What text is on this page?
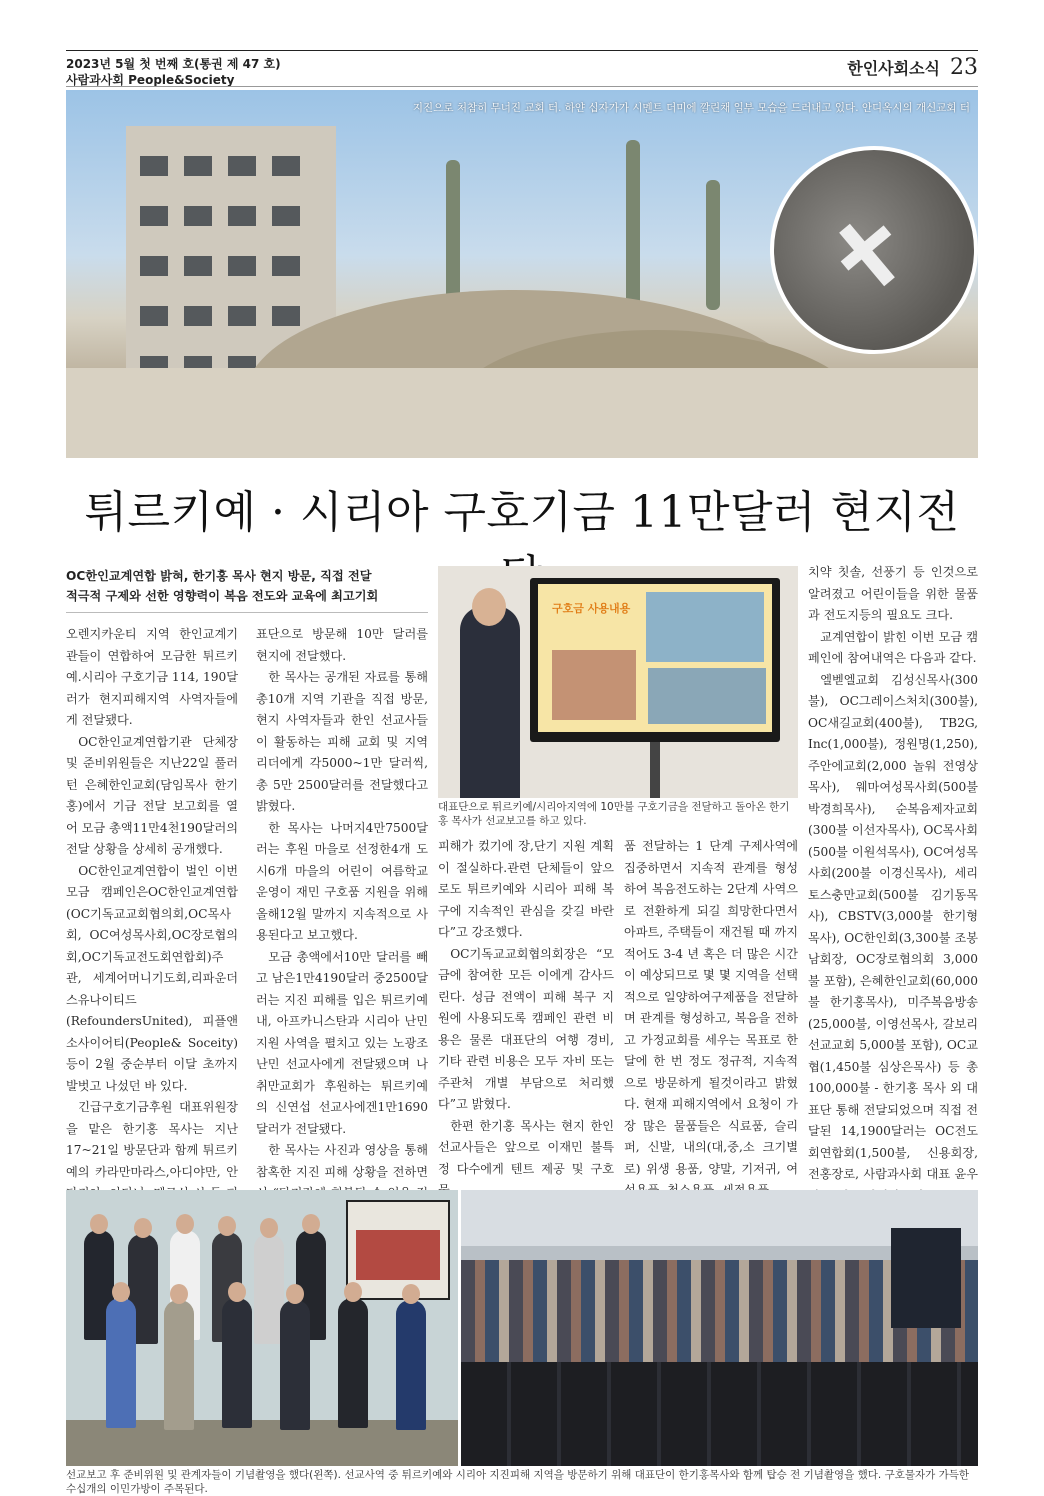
2023년 5월 첫 번째 호(통권 제 47 호)
사람과사회 People&Society
한인사회소식 23
지진으로 처참히 무너진 교회 터. 하얀 십자가가 시멘트 더미에 깔린채 일부 모습을 드러내고 있다. 안디옥시의 개신교회 터
튀르키예 · 시리아 구호기금 11만달러 현지전
OC한인교계연합 밝혀, 한기홍 목사 현지 방문, 직접 전달
적극적 구제와 선한 영향력이 복음 전도와 교육에 최고기회

오렌지카운티 지역 한인교계기관들이 연합하여 모금한 튀르키예.시리아 구호기금 114, 190달러가 현지피해지역 사역자들에게 전달됐다.

OC한인교계연합기관 단체장 및 준비위원들은 지난22일 풀러턴 은혜한인교회(담임목사 한기홍)에서 기금 전달 보고회를 열어 모금 총액11만4천190달러의 전달 상황을 상세히 공개했다.

OC한인교계연합이 벌인 이번 모금 캠페인은OC한인교계연합(OC기독교교회협의회,OC목사회, OC여성목사회,OC장로협의회,OC기독교전도회연합회)주관, 세계어머니기도회,리파운더스유나이티드(RefoundersUnited), 피플앤소사이어티(People& Soceity) 등이 2월 중순부터 이달 초까지 발벗고 나섰던 바 있다.

긴급구호기금후원 대표위원장을 맡은 한기홍 목사는 지난17~21일 방문단과 함께 튀르키예의 카라만마라스,아디야만, 안

표단으로 방문해 10만 달러를 현지에 전달했다.

한 목사는 공개된 자료를 통해 총10개 지역 기관을 직접 방문,현지 사역자들과 한인 선교사들이 활동하는 피해 교회 및 지역 리더에게 각5000~1만 달러씩,총 5만 2500달러를 전달했다고 밝혔다.

한 목사는 나머지4만7500달러는 후원 마을로 선정한4개 도시6개 마을의 어린이 여름학교 운영이 재민 구호품 지원을 위해 올해12월 말까지 지속적으로 사용된다고 보고했다.

모금 총액에서10만 달러를 빼고 남은1만4190달러 중2500달러는 지진 피해를 입은 튀르키예 내, 아프카니스탄과 시리아 난민 지원 사역을 펼치고 있는 노광조 난민 선교사에게 전달됐으며 나취만교회가 후원하는 튀르키예의 신연섭 선교사에겐1만1690달러가 전달됐다.

한 목사는 사진과 영상을 통해 참혹한 지진 피해 상황을 전하면

구호금 사용내용
대표단으로 튀르키예/시리아지역에 10만불 구호기금을 전달하고 돌아온 한기홍 목사가 선교보고를 하고 있다.

피해가 컸기에 장,단기 지원 계획이 절실하다.관련 단체들이 앞으로도 튀르키예와 시리아 피해 복구에 지속적인 관심을 갖길 바란다”고 강조했다.

OC기독교교회협의회장은 “모금에 참여한 모든 이에게 감사드린다. 성금 전액이 피해 복구 지원에 사용되도록 캠페인 관련 비용은 물론 대표단의 여행 경비, 기타 관련 비용은 모두 자비 또는 주관처 개별 부담으로 처리했다”고 밝혔다.

한편 한기홍 목사는 현지 한인 선교사들은 앞으로 이재민 불특정 다수에게 텐트 제공 및 구호

품 전달하는 1 단계 구제사역에 집중하면서 지속적 관계를 형성하여 복음전도하는 2단계 사역으로 전환하게 되길 희망한다면서 아파트, 주택들이 재건될 때 까지 적어도 3-4 년 혹은 더 많은 시간이 예상되므로 몇 몇 지역을 선택적으로 일양하여구제품을 전달하며 관계를 형성하고, 복음을 전하고 가정교회를 세우는 목표로 한달에 한 번 정도 정규적, 지속적으로 방문하게 될것이라고 밝혔다. 현재 피해지역에서 요청이 가장 많은 물품들은 식료품, 슬리퍼, 신발, 내의(대,중,소 크기별로) 위생 용품, 양말, 기저귀, 여

치약 칫솔, 선풍기 등 인것으로 알려졌고 어린이들을 위한 물품과 전도지등의 필요도 크다.

교계연합이 밝힌 이번 모금 캠페인에 참여내역은 다음과 같다.

엘벧엘교회 김성신목사(300불), OC그레이스처치(300불), OC새길교회(400불), TB2G, Inc(1,000불), 정원명(1,250), 주안에교회(2,000 놀워 전영상목사), 웨마여성목사회(500불 박경희목사), 순복음제자교회(300불 이선자목사), OC목사회(500불 이원석목사), OC여성목사회(200불 이경신목사), 세리토스충만교회(500불 김기동목사), CBSTV(3,000불 한기형목사), OC한인회(3,300불 조봉남회장, OC장로협의회 3,000불 포함), 은혜한인교회(60,000불 한기홍목사), 미주복음방송(25,000불, 이영선목사, 갈보리선교교회 5,000불 포함), OC교협(1,450불 심상은목사) 등 총 100,000불 - 한기홍 목사 외 대표단 통해 전달되었으며 직접 전달된 14,1900달러는 OC전도회연합회(1,500불, 신용회장, 전홍장로, 사람과사회 대표 윤우

선교보고 후 준비위원 및 관계자들이 기념촬영을 했다(왼쪽). 선교사역 중 튀르키예와 시리아 지진피해 지역을 방문하기 위해 대표단이 한기홍목사와 함께 탑승 전 기념촬영을 했다. 구호물자가 가득한 수십개의 이민가방이 주목된다.
